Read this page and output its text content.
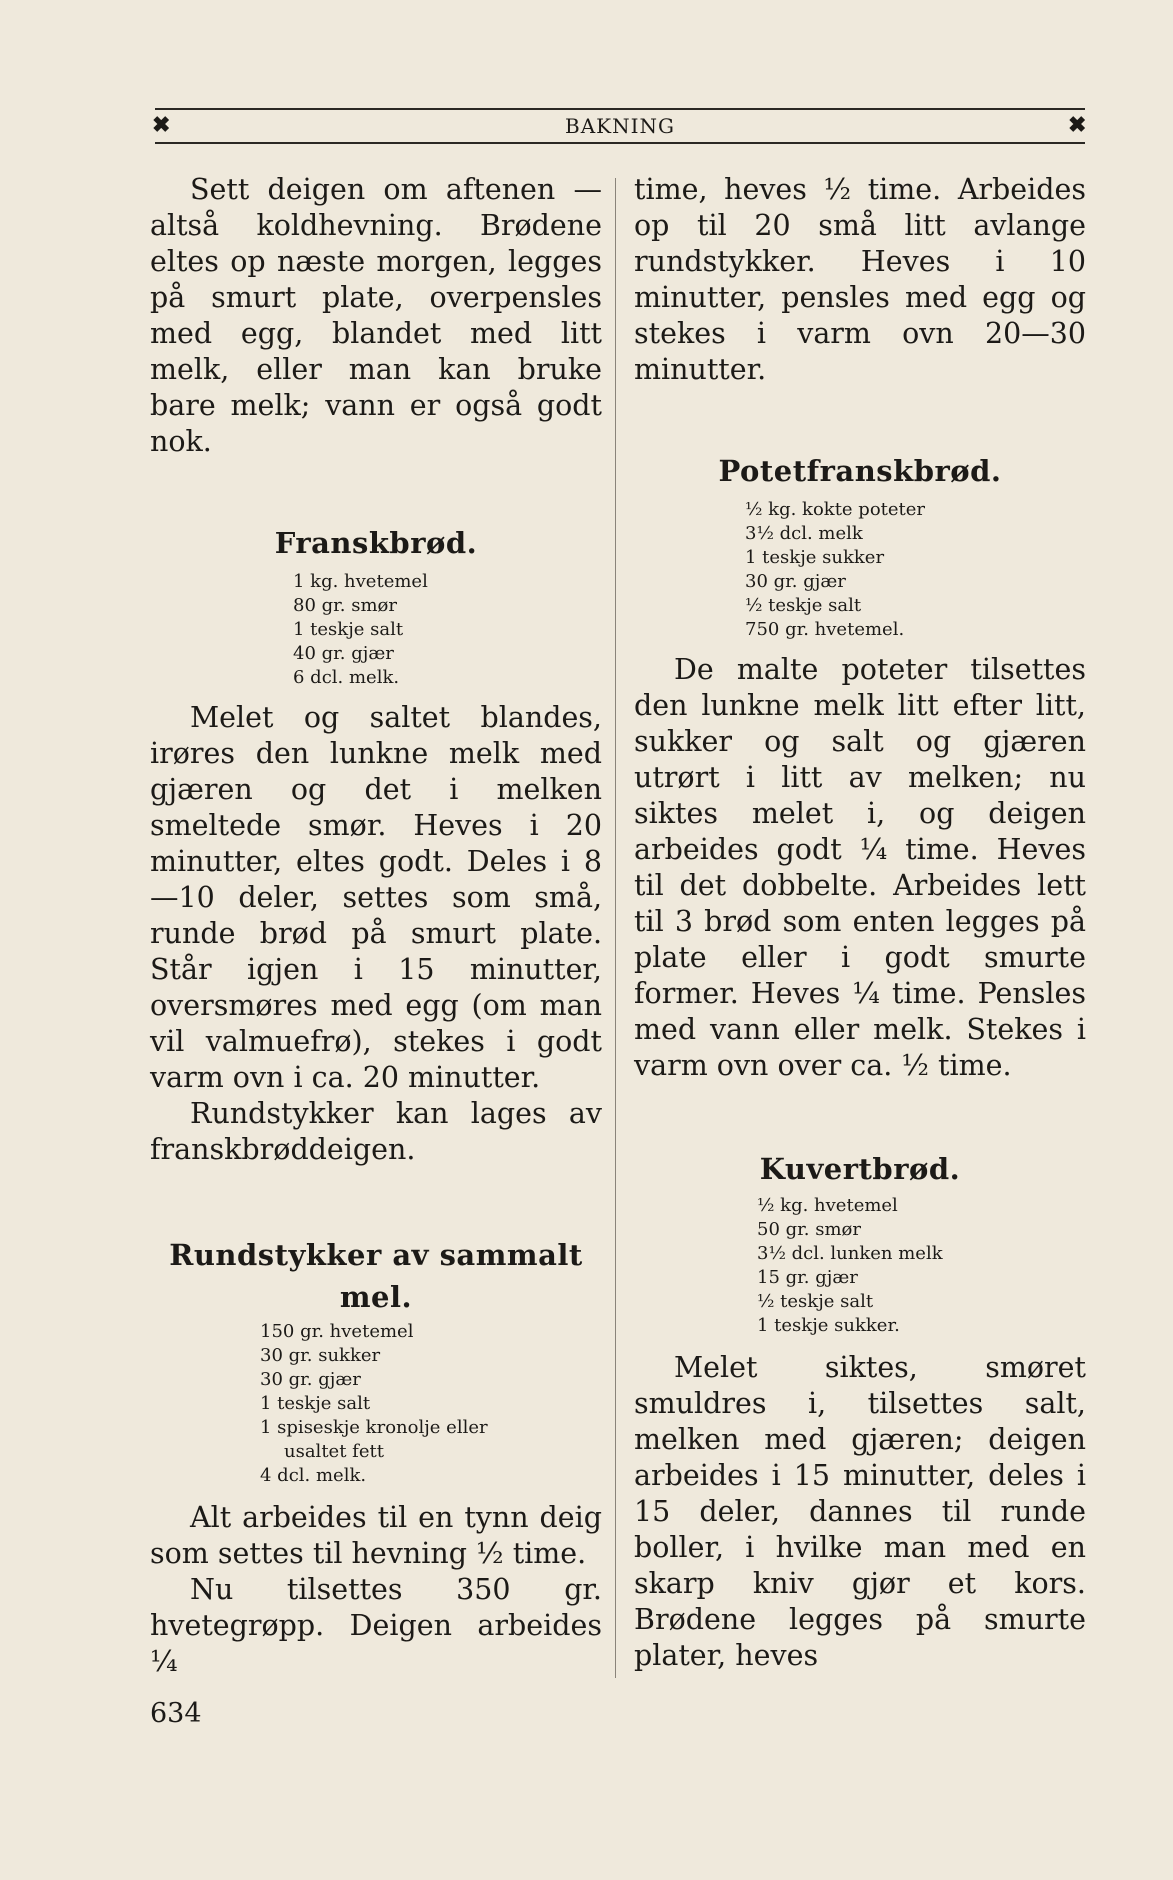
✖	BAKNING	✖

Sett deigen om aftenen — altså koldhevning. Brødene eltes op næste morgen, legges på smurt plate, overpensles med egg, blandet med litt melk, eller man kan bruke bare melk; vann er også godt nok.

Franskbrød.

1 kg. hvetemel
80 gr. smør
1 teskje salt
40 gr. gjær
6 dcl. melk.

Melet og saltet blandes, irøres den lunkne melk med gjæren og det i melken smeltede smør. Heves i 20 minutter, eltes godt. Deles i 8—10 deler, settes som små, runde brød på smurt plate. Står igjen i 15 minutter, oversmøres med egg (om man vil valmuefrø), stekes i godt varm ovn i ca. 20 minutter.

Rundstykker kan lages av franskbrøddeigen.

Rundstykker av sammalt

mel.

150 gr. hvetemel
30 gr. sukker
30 gr. gjær
1 teskje salt
1 spiseskje kronolje eller
usaltet fett
4 dcl. melk.

Alt arbeides til en tynn deig som settes til hevning ½ time.

Nu tilsettes 350 gr. hvetegrøpp. Deigen arbeides ¼

time, heves ½ time. Arbeides op til 20 små litt avlange rundstykker. Heves i 10 minutter, pensles med egg og stekes i varm ovn 20—30 minutter.

Potetfranskbrød.

½ kg. kokte poteter
3½ dcl. melk
1 teskje sukker
30 gr. gjær
½ teskje salt
750 gr. hvetemel.

De malte poteter tilsettes den lunkne melk litt efter litt, sukker og salt og gjæren utrørt i litt av melken; nu siktes melet i, og deigen arbeides godt ¼ time. Heves til det dobbelte. Arbeides lett til 3 brød som enten legges på plate eller i godt smurte former. Heves ¼ time. Pensles med vann eller melk. Stekes i varm ovn over ca. ½ time.

Kuvertbrød.

½ kg. hvetemel
50 gr. smør
3½ dcl. lunken melk
15 gr. gjær
½ teskje salt
1 teskje sukker.

Melet siktes, smøret smuldres i, tilsettes salt, melken med gjæren; deigen arbeides i 15 minutter, deles i 15 deler, dannes til runde boller, i hvilke man med en skarp kniv gjør et kors. Brødene legges på smurte plater, heves

634
